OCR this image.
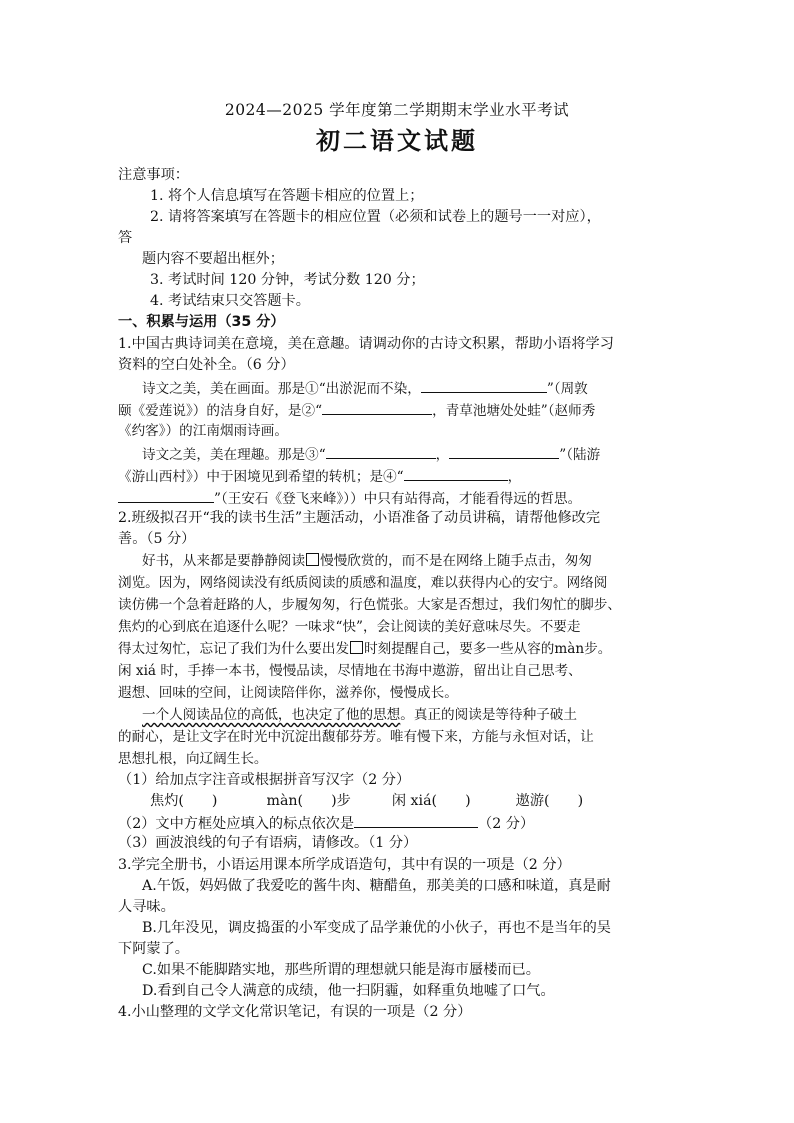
2024—2025 学年度第二学期期末学业水平考试
初二语文试题
注意事项：
1. 将个人信息填写在答题卡相应的位置上；
2. 请将答案填写在答题卡的相应位置（必须和试卷上的题号一一对应），
答
题内容不要超出框外；
3. 考试时间 120 分钟，考试分数 120 分；
4. 考试结束只交答题卡。
一、积累与运用（35 分）
1.中国古典诗词美在意境，美在意趣。请调动你的古诗文积累，帮助小语将学习
资料的空白处补全。（6 分）
诗文之美，美在画面。那是①“出淤泥而不染，	”（周敦
颐《爱莲说》）的洁身自好，是②“	，青草池塘处处蛙”（赵师秀
《约客》）的江南烟雨诗画。
诗文之美，美在理趣。那是③“	，	”（陆游
《游山西村》）中于困境见到希望的转机；是④“	，
”（王安石《登飞来峰》））中只有站得高，才能看得远的哲思。
2.班级拟召开“我的读书生活”主题活动，小语准备了动员讲稿，请帮他修改完
善。（5 分）
好书，从来都是要静静阅读 慢慢欣赏的，而不是在网络上随手点击，匆匆
浏览。因为，网络阅读没有纸质阅读的质感和温度，难以获得内心的安宁。网络阅
读仿佛一个急着赶路的人，步履匆匆，行色慌张。大家是否想过，我们匆忙的脚步、
焦灼的心到底在追逐什么呢？一味求“快”，会让阅读的美好意味尽失。不要走
得太过匆忙，忘记了我们为什么要出发 时刻提醒自己，要多一些从容的màn步。
闲 xiá 时，手捧一本书，慢慢品读，尽情地在书海中遨游，留出让自己思考、
遐想、回味的空间，让阅读陪伴你，滋养你，慢慢成长。
一个人阅读品位的高低，也决定了他的思想。真正的阅读是等待种子破土
的耐心，是让文字在时光中沉淀出馥郁芬芳。唯有慢下来，方能与永恒对话，让
思想扎根，向辽阔生长。
（1）给加点字注音或根据拼音写汉字（2 分）
焦灼( )	màn( )步	闲 xiá( )	遨游( )
（2）文中方框处应填入的标点依次是	（2 分）
（3）画波浪线的句子有语病，请修改。（1 分）
3.学完全册书，小语运用课本所学成语造句，其中有误的一项是（2 分）
A.午饭，妈妈做了我爱吃的酱牛肉、糖醋鱼，那美美的口感和味道，真是耐
人寻味。
B.几年没见，调皮捣蛋的小军变成了品学兼优的小伙子，再也不是当年的吴
下阿蒙了。
C.如果不能脚踏实地，那些所谓的理想就只能是海市蜃楼而已。
D.看到自己令人满意的成绩，他一扫阴霾，如释重负地嘘了口气。
4.小山整理的文学文化常识笔记，有误的一项是（2 分）
